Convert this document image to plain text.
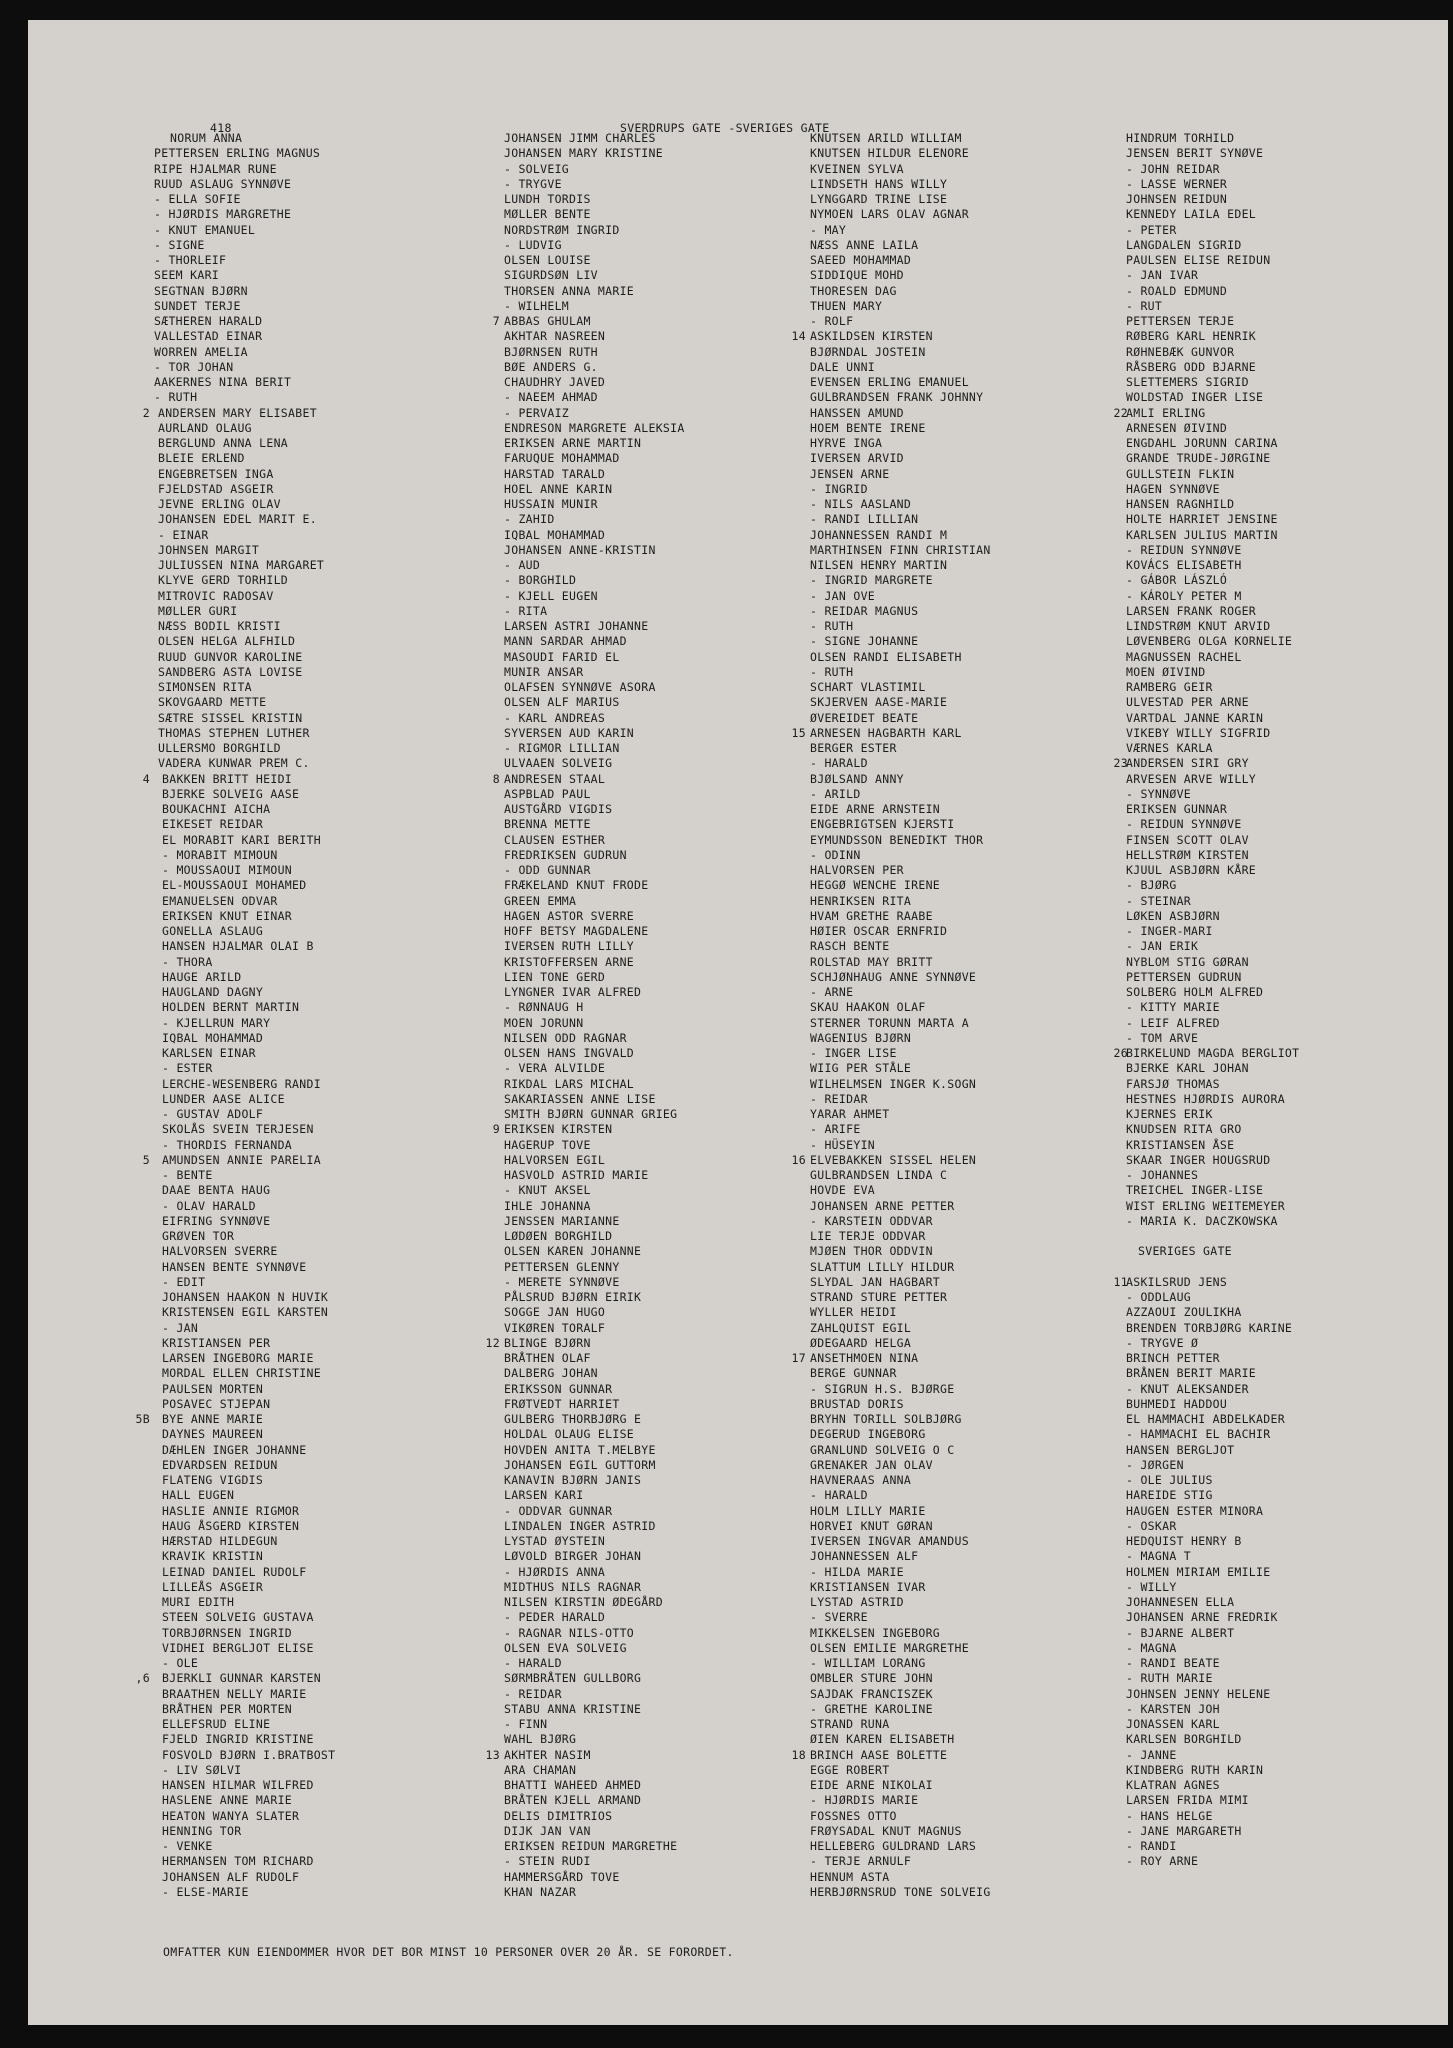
418

	SVERDRUPS GATE -SVERIGES GATE

NORUM ANNA
PETTERSEN ERLING MAGNUS
RIPE HJALMAR RUNE
RUUD ASLAUG SYNNØVE
- ELLA SOFIE
- HJØRDIS MARGRETHE
- KNUT EMANUEL
- SIGNE
- THORLEIF
SEEM KARI
SEGTNAN BJØRN
SUNDET TERJE
SÆTHEREN HARALD
VALLESTAD EINAR
WORREN AMELIA
- TOR JOHAN
AAKERNES NINA BERIT
- RUTH
2 ANDERSEN MARY ELISABET
AURLAND OLAUG
BERGLUND ANNA LENA
BLEIE ERLEND
ENGEBRETSEN INGA
FJELDSTAD ASGEIR
JEVNE ERLING OLAV
JOHANSEN EDEL MARIT E.
- EINAR
JOHNSEN MARGIT
JULIUSSEN NINA MARGARET
KLYVE GERD TORHILD
MITROVIC RADOSAV
MØLLER GURI
NÆSS BODIL KRISTI
OLSEN HELGA ALFHILD
RUUD GUNVOR KAROLINE
SANDBERG ASTA LOVISE
SIMONSEN RITA
SKOVGAARD METTE
SÆTRE SISSEL KRISTIN
THOMAS STEPHEN LUTHER
ULLERSMO BORGHILD
VADERA KUNWAR PREM C.
4 BAKKEN BRITT HEIDI
BJERKE SOLVEIG AASE
BOUKACHNI AICHA
EIKESET REIDAR
EL MORABIT KARI BERITH
- MORABIT MIMOUN
- MOUSSAOUI MIMOUN
EL-MOUSSAOUI MOHAMED
EMANUELSEN ODVAR
ERIKSEN KNUT EINAR
GONELLA ASLAUG
HANSEN HJALMAR OLAI B
- THORA
HAUGE ARILD
HAUGLAND DAGNY
HOLDEN BERNT MARTIN
- KJELLRUN MARY
IQBAL MOHAMMAD
KARLSEN EINAR
- ESTER
LERCHE-WESENBERG RANDI
LUNDER AASE ALICE
- GUSTAV ADOLF
SKOLÅS SVEIN TERJESEN
- THORDIS FERNANDA
5 AMUNDSEN ANNIE PARELIA
- BENTE
DAAE BENTA HAUG
- OLAV HARALD
EIFRING SYNNØVE
GRØVEN TOR
HALVORSEN SVERRE
HANSEN BENTE SYNNØVE
- EDIT
JOHANSEN HAAKON N HUVIK
KRISTENSEN EGIL KARSTEN
- JAN
KRISTIANSEN PER
LARSEN INGEBORG MARIE
MORDAL ELLEN CHRISTINE
PAULSEN MORTEN
POSAVEC STJEPAN
5B BYE ANNE MARIE
DAYNES MAUREEN
DÆHLEN INGER JOHANNE
EDVARDSEN REIDUN
FLATENG VIGDIS
HALL EUGEN
HASLIE ANNIE RIGMOR
HAUG ÅSGERD KIRSTEN
HÆRSTAD HILDEGUN
KRAVIK KRISTIN
LEINAD DANIEL RUDOLF
LILLEÅS ASGEIR
MURI EDITH
STEEN SOLVEIG GUSTAVA
TORBJØRNSEN INGRID
VIDHEI BERGLJOT ELISE
- OLE
,6 BJERKLI GUNNAR KARSTEN
BRAATHEN NELLY MARIE
BRÅTHEN PER MORTEN
ELLEFSRUD ELINE
FJELD INGRID KRISTINE
FOSVOLD BJØRN I.BRATBOST
- LIV SØLVI
HANSEN HILMAR WILFRED
HASLENE ANNE MARIE
HEATON WANYA SLATER
HENNING TOR
- VENKE
HERMANSEN TOM RICHARD
JOHANSEN ALF RUDOLF
- ELSE-MARIE
JOHANSEN JIMM CHARLES
JOHANSEN MARY KRISTINE
- SOLVEIG
- TRYGVE
LUNDH TORDIS
MØLLER BENTE
NORDSTRØM INGRID
- LUDVIG
OLSEN LOUISE
SIGURDSØN LIV
THORSEN ANNA MARIE
- WILHELM
7 ABBAS GHULAM
AKHTAR NASREEN
BJØRNSEN RUTH
BØE ANDERS G.
CHAUDHRY JAVED
- NAEEM AHMAD
- PERVAIZ
ENDRESON MARGRETE ALEKSIA
ERIKSEN ARNE MARTIN
FARUQUE MOHAMMAD
HARSTAD TARALD
HOEL ANNE KARIN
HUSSAIN MUNIR
- ZAHID
IQBAL MOHAMMAD
JOHANSEN ANNE-KRISTIN
- AUD
- BORGHILD
- KJELL EUGEN
- RITA
LARSEN ASTRI JOHANNE
MANN SARDAR AHMAD
MASOUDI FARID EL
MUNIR ANSAR
OLAFSEN SYNNØVE ASORA
OLSEN ALF MARIUS
- KARL ANDREAS
SYVERSEN AUD KARIN
- RIGMOR LILLIAN
ULVAAEN SOLVEIG
8 ANDRESEN STAAL
ASPBLAD PAUL
AUSTGÅRD VIGDIS
BRENNA METTE
CLAUSEN ESTHER
FREDRIKSEN GUDRUN
- ODD GUNNAR
FRÆKELAND KNUT FRODE
GREEN EMMA
HAGEN ASTOR SVERRE
HOFF BETSY MAGDALENE
IVERSEN RUTH LILLY
KRISTOFFERSEN ARNE
LIEN TONE GERD
LYNGNER IVAR ALFRED
- RØNNAUG H
MOEN JORUNN
NILSEN ODD RAGNAR
OLSEN HANS INGVALD
- VERA ALVILDE
RIKDAL LARS MICHAL
SAKARIASSEN ANNE LISE
SMITH BJØRN GUNNAR GRIEG
9 ERIKSEN KIRSTEN
HAGERUP TOVE
HALVORSEN EGIL
HASVOLD ASTRID MARIE
- KNUT AKSEL
IHLE JOHANNA
JENSSEN MARIANNE
LØDØEN BORGHILD
OLSEN KAREN JOHANNE
PETTERSEN GLENNY
- MERETE SYNNØVE
PÅLSRUD BJØRN EIRIK
SOGGE JAN HUGO
VIKØREN TORALF
12 BLINGE BJØRN
BRÅTHEN OLAF
DALBERG JOHAN
ERIKSSON GUNNAR
FRØTVEDT HARRIET
GULBERG THORBJØRG E
HOLDAL OLAUG ELISE
HOVDEN ANITA T.MELBYE
JOHANSEN EGIL GUTTORM
KANAVIN BJØRN JANIS
LARSEN KARI
- ODDVAR GUNNAR
LINDALEN INGER ASTRID
LYSTAD ØYSTEIN
LØVOLD BIRGER JOHAN
- HJØRDIS ANNA
MIDTHUS NILS RAGNAR
NILSEN KIRSTIN ØDEGÅRD
- PEDER HARALD
- RAGNAR NILS-OTTO
OLSEN EVA SOLVEIG
- HARALD
SØRMBRÅTEN GULLBORG
- REIDAR
STABU ANNA KRISTINE
- FINN
WAHL BJØRG
13 AKHTER NASIM
ARA CHAMAN
BHATTI WAHEED AHMED
BRÅTEN KJELL ARMAND
DELIS DIMITRIOS
DIJK JAN VAN
ERIKSEN REIDUN MARGRETHE
- STEIN RUDI
HAMMERSGÅRD TOVE
KHAN NAZAR
KNUTSEN ARILD WILLIAM
KNUTSEN HILDUR ELENORE
KVEINEN SYLVA
LINDSETH HANS WILLY
LYNGGARD TRINE LISE
NYMOEN LARS OLAV AGNAR
- MAY
NÆSS ANNE LAILA
SAEED MOHAMMAD
SIDDIQUE MOHD
THORESEN DAG
THUEN MARY
- ROLF
14 ASKILDSEN KIRSTEN
BJØRNDAL JOSTEIN
DALE UNNI
EVENSEN ERLING EMANUEL
GULBRANDSEN FRANK JOHNNY
HANSSEN AMUND
HOEM BENTE IRENE
HYRVE INGA
IVERSEN ARVID
JENSEN ARNE
- INGRID
- NILS AASLAND
- RANDI LILLIAN
JOHANNESSEN RANDI M
MARTHINSEN FINN CHRISTIAN
NILSEN HENRY MARTIN
- INGRID MARGRETE
- JAN OVE
- REIDAR MAGNUS
- RUTH
- SIGNE JOHANNE
OLSEN RANDI ELISABETH
- RUTH
SCHART VLASTIMIL
SKJERVEN AASE-MARIE
ØVEREIDET BEATE
15 ARNESEN HAGBARTH KARL
BERGER ESTER
- HARALD
BJØLSAND ANNY
- ARILD
EIDE ARNE ARNSTEIN
ENGEBRIGTSEN KJERSTI
EYMUNDSSON BENEDIKT THOR
- ODINN
HALVORSEN PER
HEGGØ WENCHE IRENE
HENRIKSEN RITA
HVAM GRETHE RAABE
HØIER OSCAR ERNFRID
RASCH BENTE
ROLSTAD MAY BRITT
SCHJØNHAUG ANNE SYNNØVE
- ARNE
SKAU HAAKON OLAF
STERNER TORUNN MARTA A
WAGENIUS BJØRN
- INGER LISE
WIIG PER STÅLE
WILHELMSEN INGER K.SOGN
- REIDAR
YARAR AHMET
- ARIFE
- HÜSEYIN
16 ELVEBAKKEN SISSEL HELEN
GULBRANDSEN LINDA C
HOVDE EVA
JOHANSEN ARNE PETTER
- KARSTEIN ODDVAR
LIE TERJE ODDVAR
MJØEN THOR ODDVIN
SLATTUM LILLY HILDUR
SLYDAL JAN HAGBART
STRAND STURE PETTER
WYLLER HEIDI
ZAHLQUIST EGIL
ØDEGAARD HELGA
17 ANSETHMOEN NINA
BERGE GUNNAR
- SIGRUN H.S. BJØRGE
BRUSTAD DORIS
BRYHN TORILL SOLBJØRG
DEGERUD INGEBORG
GRANLUND SOLVEIG O C
GRENAKER JAN OLAV
HAVNERAAS ANNA
- HARALD
HOLM LILLY MARIE
HORVEI KNUT GØRAN
IVERSEN INGVAR AMANDUS
JOHANNESSEN ALF
- HILDA MARIE
KRISTIANSEN IVAR
LYSTAD ASTRID
- SVERRE
MIKKELSEN INGEBORG
OLSEN EMILIE MARGRETHE
- WILLIAM LORANG
OMBLER STURE JOHN
SAJDAK FRANCISZEK
- GRETHE KAROLINE
STRAND RUNA
ØIEN KAREN ELISABETH
18 BRINCH AASE BOLETTE
EGGE ROBERT
EIDE ARNE NIKOLAI
- HJØRDIS MARIE
FOSSNES OTTO
FRØYSADAL KNUT MAGNUS
HELLEBERG GULDRAND LARS
- TERJE ARNULF
HENNUM ASTA
HERBJØRNSRUD TONE SOLVEIG
HINDRUM TORHILD
JENSEN BERIT SYNØVE
- JOHN REIDAR
- LASSE WERNER
JOHNSEN REIDUN
KENNEDY LAILA EDEL
- PETER
LANGDALEN SIGRID
PAULSEN ELISE REIDUN
- JAN IVAR
- ROALD EDMUND
- RUT
PETTERSEN TERJE
RØBERG KARL HENRIK
RØHNEBÆK GUNVOR
RÅSBERG ODD BJARNE
SLETTEMERS SIGRID
WOLDSTAD INGER LISE
22
AMLI ERLING
ARNESEN ØIVIND
ENGDAHL JORUNN CARINA
GRANDE TRUDE-JØRGINE
GULLSTEIN FLKIN
HAGEN SYNNØVE
HANSEN RAGNHILD
HOLTE HARRIET JENSINE
KARLSEN JULIUS MARTIN
- REIDUN SYNNØVE
KOVÁCS ELISABETH
- GÁBOR LÁSZLÓ
- KÁROLY PETER M
LARSEN FRANK ROGER
LINDSTRØM KNUT ARVID
LØVENBERG OLGA KORNELIE
MAGNUSSEN RACHEL
MOEN ØIVIND
RAMBERG GEIR
ULVESTAD PER ARNE
VARTDAL JANNE KARIN
VIKEBY WILLY SIGFRID
VÆRNES KARLA
23
ANDERSEN SIRI GRY
ARVESEN ARVE WILLY
- SYNNØVE
ERIKSEN GUNNAR
- REIDUN SYNNØVE
FINSEN SCOTT OLAV
HELLSTRØM KIRSTEN
KJUUL ASBJØRN KÅRE
- BJØRG
- STEINAR
LØKEN ASBJØRN
- INGER-MARI
- JAN ERIK
NYBLOM STIG GØRAN
PETTERSEN GUDRUN
SOLBERG HOLM ALFRED
- KITTY MARIE
- LEIF ALFRED
- TOM ARVE
26
BIRKELUND MAGDA BERGLIOT
BJERKE KARL JOHAN
FARSJØ THOMAS
HESTNES HJØRDIS AURORA
KJERNES ERIK
KNUDSEN RITA GRO
KRISTIANSEN ÅSE
SKAAR INGER HOUGSRUD
- JOHANNES
TREICHEL INGER-LISE
WIST ERLING WEITEMEYER
- MARIA K. DACZKOWSKA
SVERIGES GATE
11
ASKILSRUD JENS
- ODDLAUG
AZZAOUI ZOULIKHA
BRENDEN TORBJØRG KARINE
- TRYGVE Ø
BRINCH PETTER
BRÅNEN BERIT MARIE
- KNUT ALEKSANDER
BUHMEDI HADDOU
EL HAMMACHI ABDELKADER
- HAMMACHI EL BACHIR
HANSEN BERGLJOT
- JØRGEN
- OLE JULIUS
HAREIDE STIG
HAUGEN ESTER MINORA
- OSKAR
HEDQUIST HENRY B
- MAGNA T
HOLMEN MIRIAM EMILIE
- WILLY
JOHANNESEN ELLA
JOHANSEN ARNE FREDRIK
- BJARNE ALBERT
- MAGNA
- RANDI BEATE
- RUTH MARIE
JOHNSEN JENNY HELENE
- KARSTEN JOH
JONASSEN KARL
KARLSEN BORGHILD
- JANNE
KINDBERG RUTH KARIN
KLATRAN AGNES
LARSEN FRIDA MIMI
- HANS HELGE
- JANE MARGARETH
- RANDI
- ROY ARNE
OMFATTER KUN EIENDOMMER HVOR DET BOR MINST 10 PERSONER OVER 20 ÅR. SE FORORDET.
